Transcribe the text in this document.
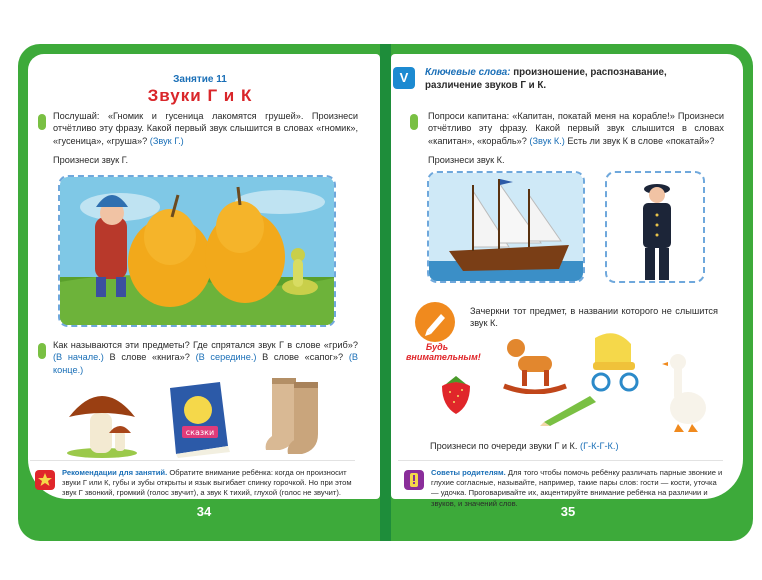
34	35
Занятие 11
Звуки Г и К
Послушай: «Гномик и гусеница лакомятся грушей». Произнеси отчётливо эту фразу. Какой первый звук слышится в словах «гномик», «гусеница», «груша»? (Звук Г.)
Произнеси звук Г.
Как называются эти предметы? Где спрятался звук Г в слове «гриб»? (В начале.) В слове «книга»? (В середине.) В слове «сапог»? (В конце.)
сказки
Рекомендации для занятий. Обратите внимание ребёнка: когда он произносит звуки Г или К, губы и зубы открыты и язык выгибает спинку горочкой. Но при этом звук Г звонкий, громкий (голос звучит), а звук К тихий, глухой (голос не звучит).
V	Ключевые слова: произношение, распознавание, различение звуков Г и К.
Попроси капитана: «Капитан, покатай меня на корабле!» Произнеси отчётливо эту фразу. Какой первый звук слышится в словах «капитан», «корабль»? (Звук К.) Есть ли звук К в слове «покатай»?
Произнеси звук К.
Будь внимательным!
Зачеркни тот предмет, в названии которого не слышится звук К.
Произнеси по очереди звуки Г и К. (Г-К-Г-К.)
Советы родителям. Для того чтобы помочь ребёнку различать парные звонкие и глухие согласные, называйте, например, такие пары слов: гости — кости, уточка — удочка. Проговаривайте их, акцентируйте внимание ребёнка на различии и звуков, и значений слов.
